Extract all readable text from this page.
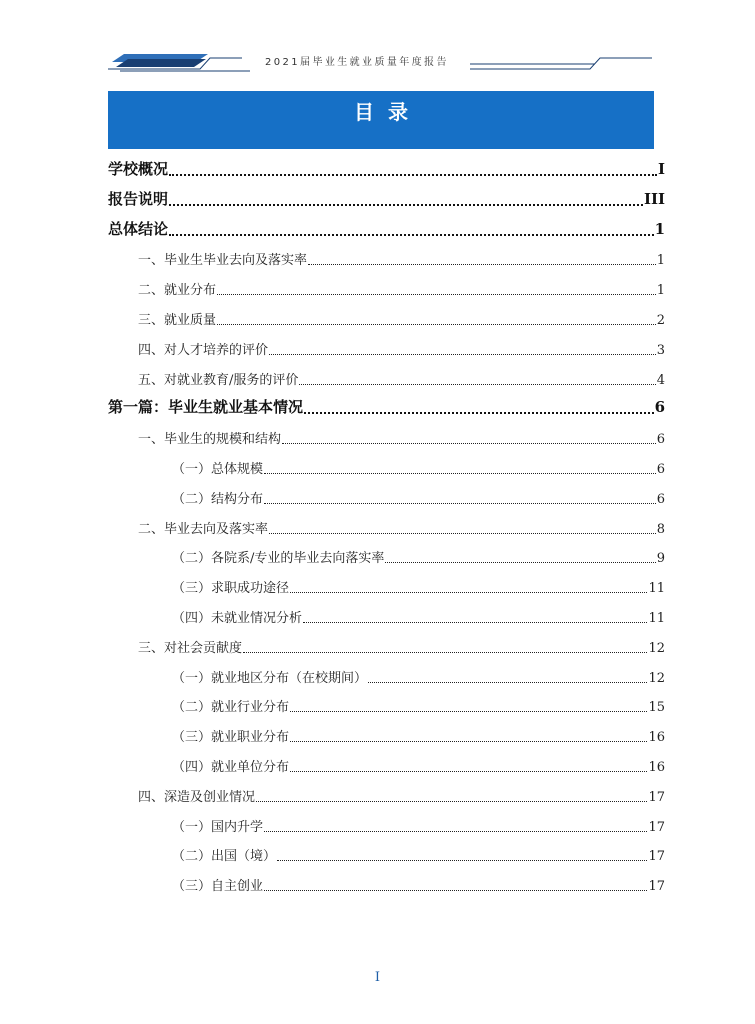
2021届毕业生就业质量年度报告
目录
学校概况	I
报告说明	III
总体结论	1
一、毕业生毕业去向及落实率	1
二、就业分布	1
三、就业质量	2
四、对人才培养的评价	3
五、对就业教育/服务的评价	4
第一篇：毕业生就业基本情况	6
一、毕业生的规模和结构	6
（一）总体规模	6
（二）结构分布	6
二、毕业去向及落实率	8
（二）各院系/专业的毕业去向落实率	9
（三）求职成功途径	11
（四）未就业情况分析	11
三、对社会贡献度	12
（一）就业地区分布（在校期间）	12
（二）就业行业分布	15
（三）就业职业分布	16
（四）就业单位分布	16
四、深造及创业情况	17
（一）国内升学	17
（二）出国（境）	17
（三）自主创业	17
I
